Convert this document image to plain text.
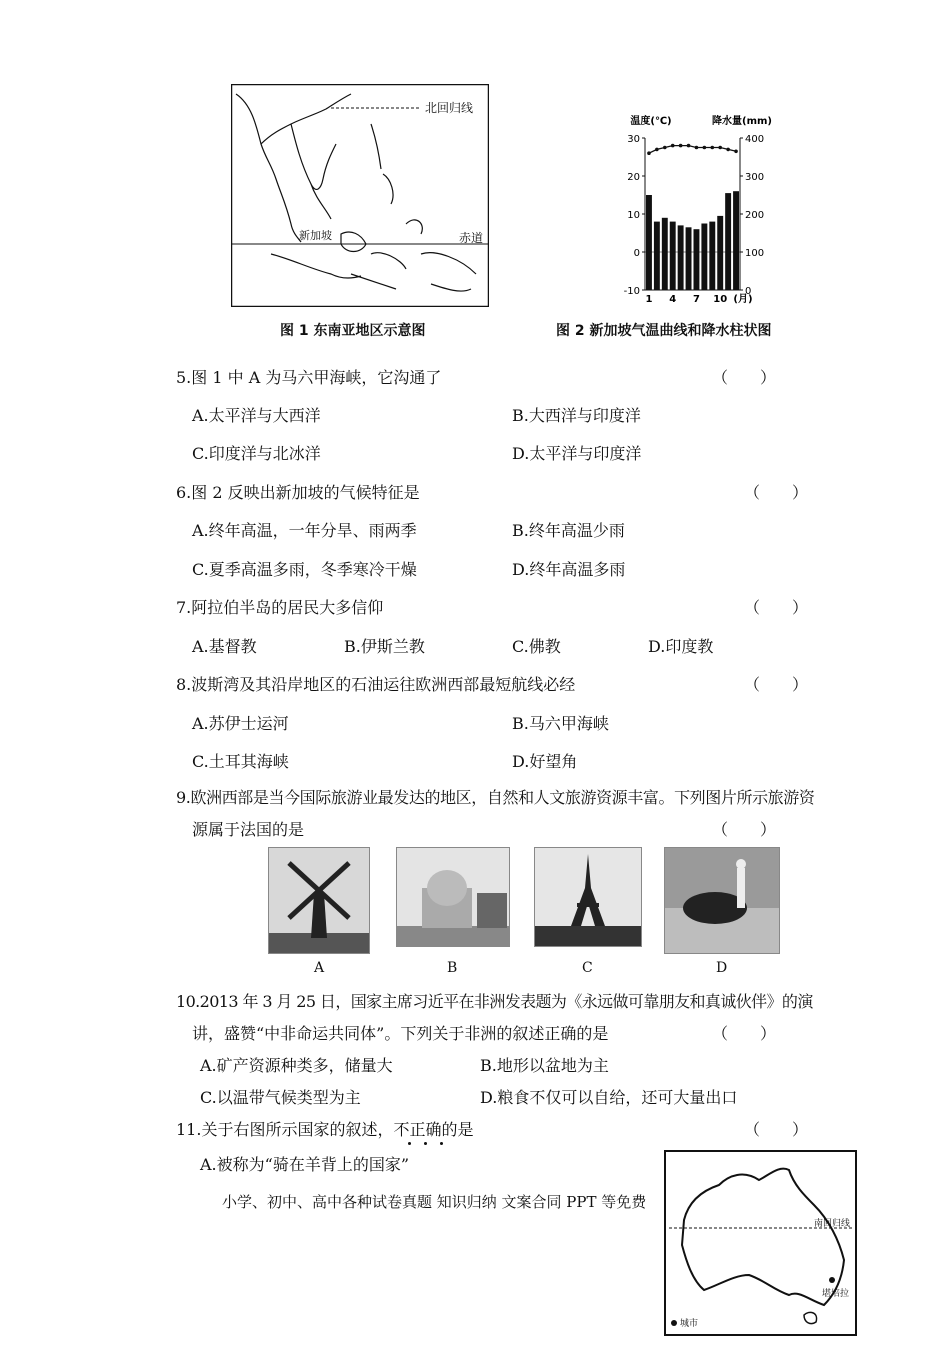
北回归线
赤道
新加坡
图 1 东南亚地区示意图
30
20
10
0
-10
400
300
200
100
0
温度(℃)	降水量(mm)
1 4 7 10 (月)
图 2 新加坡气温曲线和降水柱状图
5.图 1 中 A 为马六甲海峡，它沟通了	（　　）
A.太平洋与大西洋	B.大西洋与印度洋
C.印度洋与北冰洋	D.太平洋与印度洋
6.图 2 反映出新加坡的气候特征是	（　　）
A.终年高温，一年分旱、雨两季	B.终年高温少雨
C.夏季高温多雨，冬季寒冷干燥	D.终年高温多雨
7.阿拉伯半岛的居民大多信仰	（　　）
A.基督教	B.伊斯兰教	C.佛教	D.印度教
8.波斯湾及其沿岸地区的石油运往欧洲西部最短航线必经	（　　）
A.苏伊士运河	B.马六甲海峡
C.土耳其海峡	D.好望角
9.欧洲西部是当今国际旅游业最发达的地区，自然和人文旅游资源丰富。下列图片所示旅游资
源属于法国的是	（　　）
A	B	C	D
10.2013 年 3 月 25 日，国家主席习近平在非洲发表题为《永远做可靠朋友和真诚伙伴》的演
讲，盛赞“中非命运共同体”。下列关于非洲的叙述正确的是	（　　）
A.矿产资源种类多，储量大	B.地形以盆地为主
C.以温带气候类型为主	D.粮食不仅可以自给，还可大量出口
11.关于右图所示国家的叙述，不正确的是	（　　）
A.被称为“骑在羊背上的国家”
小学、初中、高中各种试卷真题 知识归纳 文案合同 PPT 等免费
南回归线
堪培拉
城市
